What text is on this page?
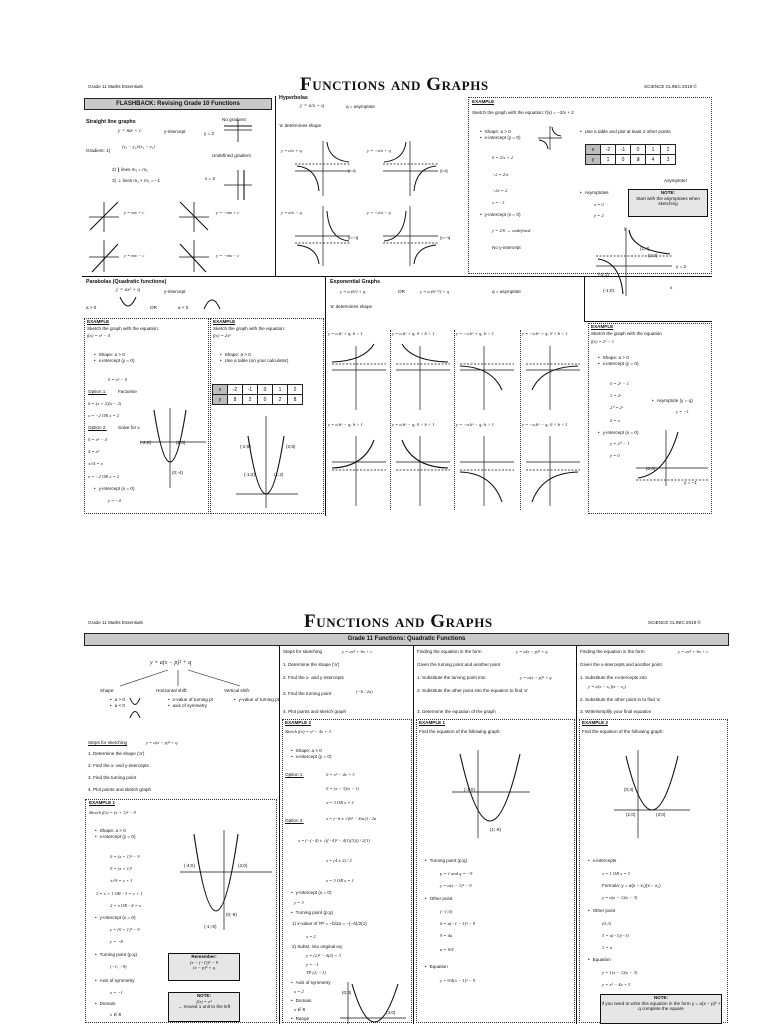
Grade 11 Maths Essentials	Functions and Graphs	SCIENCE CLINIC 2019 ©
FLASHBACK: Revising Grade 10 Functions
Straight line graphs
y = mx + c	y-intercept
No gradient
y = 2
Undefined gradient
x = 2
Gradient: 1)
(y₂ − y₁)/(x₂ − x₁)
2) ∥ lines m₁ = m₂
3) ⊥ lines m₁ × m₂ = −1
y = mx + c	y = −mx + c
y = mx − c	y = −mx − c
Hyperbolas
y = a/x + q	q = asymptote
'a' determines shape
y = a/x + q	y = −a/x + q
y = a/x − q	y = −a/x − q
y=q	y=q
y=−q	y=−q
EXAMPLE
Sketch the graph with the equation: f(x) = −2/x + 2
• Shape: a > 0
• x-intercept (y = 0)
0 = 2/x + 2
−2 = 2/x
−2x = 2
x = −1
• y-intercept (x = 0)
y = 2/0 → undefined
No y-intercept
• Use a table and plot at least 2 other points
x	-2	-1	0	1	2
y	1	0	∄	4	3
Asymptote!
• Asymptotes
x = 0
y = 2
NOTE:
Start with the asymptotes when sketching
y
y = 2
(1;4)
(2;3)
(-2;1)
(-1;0)
x
Parabolas (Quadratic functions)
y = ax² + q	y-intercept
a > 0	OR	a < 0
EXAMPLE
Sketch the graph with the equation:
f(x) = x² − 4
• Shape: a > 0
• x-intercept (y = 0)
0 = x² − 4
Option 1: Factorise
0 = (x + 2)(x − 2)
x = −2 OR x = 2
Option 2: Solve for x
0 = x² − 4
4 = x²
±√4 = x
x = −2 OR x = 2
• y-intercept (x = 0)
y = −4
(-2;0)	(2;0)
(0;-4)
EXAMPLE
Sketch the graph with the equation:
f(x) = 2x²
• Shape: a > 0
• Use a table (on your calculator)
x	-2	-1	0	1	2
y	8	2	0	2	8
(-2;8)	(2;8)
(-1;2)	(1;2)
Exponential Graphs
y = a.(bˣ) + q	OR	y = a.(bˣ⁺ᵖ) + q	q = asymptote
'a' determines shape
y = a.bˣ + q; b > 1	y = a.bˣ + q; 0 < b < 1	y = −a.bˣ + q; b > 1	y = −a.bˣ + q; 0 < b < 1
y = a.bˣ − q; b > 1	y = a.bˣ − q; 0 < b < 1	y = −a.bˣ − q; b > 1	y = −a.bˣ − q; 0 < b < 1
EXAMPLE
Sketch the graph with the equation
f(x) = 2ˣ − 1
• Shape: a > 0
• x-intercept (y = 0)
0 = 2ˣ − 1
1 = 2ˣ
2⁰ = 2ˣ
0 = x
• Asymptote (y = q)
y = −1
• y-intercept (x = 0)
y = 2⁰ − 1
y = 0
(0;0)
y = −1
Grade 11 Maths Essentials	Functions and Graphs	SCIENCE CLINIC 2019 ©
Grade 11 Functions: Quadratic Functions
y = a(x − p)² + q
Shape:
• a > 0
• a < 0
Horizontal shift:
• x-value of turning pt
• axis of symmetry
Vertical shift:
• y-value of turning pt
Steps for sketching	y = a(x − p)² + q
1. Determine the shape ('a')
2. Find the x- and y-intercepts
3. Find the turning point
4. Plot points and sketch graph
EXAMPLE 1
Sketch f(x) = (x + 1)² − 9
• Shape: a > 0
• x-intercept (y = 0)
0 = (x + 1)² − 9
9 = (x + 1)²
±√9 = x + 1
3 = x + 1 OR −3 = x + 1
2 = x OR −4 = x
• y-intercept (x = 0)
y = (0 + 1)² − 9
y = −8
• Turning point (p;q)
(−1; −9)
• Axis of symmetry
x = −1
• Domain
x ∈ R
(-4;0)	(2;0)
(0;-8)
(-1;-9)
Remember:
(x − (−1))² − 9
(x − p)² + q
NOTE:
f(x) = x²
→ moved 1 unit to the left
Steps for sketching	y = ax² + bx + c
1. Determine the shape ('a')
2. Find the x- and y-intercepts
3. Find the turning point	(−b / 2a)
4. Plot points and sketch graph
EXAMPLE 2
Sketch f(x) = x² − 4x + 3
• Shape: a > 0
• x-intercept (y = 0)
Option 1:	0 = x² − 4x + 3
0 = (x − 3)(x − 1)
x = 3 OR x = 1
Option 2:	x = (−b ± √(b² − 4ac)) / 2a
x = (−(−4) ± √((−4)² − 4(1)(3))) / 2(1)
x = (4 ± 2) / 2
x = 3 OR x = 1
• y-intercept (x = 0)
y = 3
• Turning point (p;q)
1) x-value of TP = −b/2a = −(−4)/2(1)
x = 2
2) Subst. into original eq:
y = (2)² − 4(2) + 3
y = −1
TP (2; −1)
• Axis of symmetry
x = 2
• Domain
x ∈ R
• Range
(0;3)
(3;0)
Finding the equation in the form	y = a(x − p)² + q
Given the turning point and another point
1. Substitute the turning point into	y = a(x − p)² + q
2. Substitute the other point into the equation to find 'a'
3. Determine the equation of the graph
EXAMPLE 1
Find the equation of the following graph:
(-1;0)
(1;-9)
• Turning point (p;q)
p = 1 and q = −9
y = a(x − 1)² − 9
• Other point
(−1;0)
0 = a(−1 − 1)² − 9
9 = 4a
a = 9/4
• Equation
y = 9/4(x − 1)² − 9
Finding the equation in the form	y = ax² + bx + c
Given the x-intercepts and another point
1. Substitute the x-intercepts into
y = a(x − x₁)(x − x₂)
2. Substitute the other point in to find 'a'
3. Write/simplify your final equation
EXAMPLE 2
Find the equation of the following graph:
(0;3)
(1;0)	(3;0)
• x-intercepts
x = 1 OR x = 3
Formula: y = a(x − x₁)(x − x₂)
y = a(x − 1)(x − 3)
• Other point
(0;3)
3 = a(−1)(−3)
1 = a
• Equation
y = 1(x − 1)(x − 3)
y = x² − 4x + 3
NOTE:
If you need to write this equation in the form y = a(x − p)² + q complete the square
